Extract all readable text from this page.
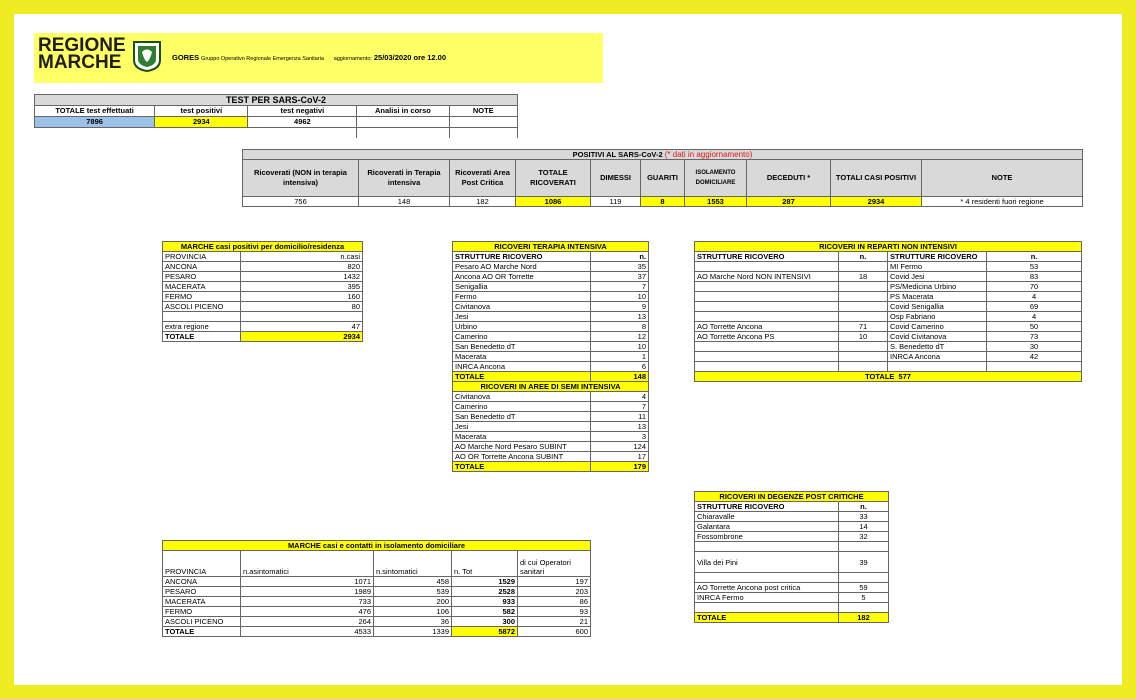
REGIONE
MARCHE	GORES Gruppo Operativo Regionale Emergenza Sanitaria aggiornamento: 25/03/2020 ore 12.00
TEST PER SARS-CoV-2				
TOTALE test effettuati	test positivi	test negativi	Analisi in corso	NOTE
7896	2934	4962		

POSITIVI AL SARS-CoV-2 (* dati in aggiornamento)									
Ricoverati (NON in terapia intensiva)	Ricoverati in Terapia intensiva	Ricoverati Area Post Critica	TOTALE RICOVERATI	DIMESSI	GUARITI	ISOLAMENTO DOMICILIARE	DECEDUTI *	TOTALI CASI POSITIVI	NOTE
756	148	182	1086	119	8	1553	287	2934	* 4 residenti fuori regione
MARCHE casi positivi per domicilio/residenza	
PROVINCIA	n.casi
ANCONA	820
PESARO	1432
MACERATA	395
FERMO	160
ASCOLI PICENO	80

extra regione	47
TOTALE	2934
RICOVERI TERAPIA INTENSIVA	
STRUTTURE RICOVERO	n.
Pesaro AO Marche Nord	35
Ancona AO OR Torrette	37
Senigallia	7
Fermo	10
Civitanova	9
Jesi	13
Urbino	8
Camerino	12
San Benedetto dT	10
Macerata	1
INRCA Ancona	6
TOTALE	148
RICOVERI IN AREE DI SEMI INTENSIVA	
Civitanova	4
Camerino	7
San Benedetto dT	11
Jesi	13
Macerata	3
AO Marche Nord Pesaro SUBINT	124
AO OR Torrette Ancona SUBINT	17
TOTALE	179
RICOVERI IN REPARTI NON INTENSIVI			
STRUTTURE RICOVERO	n.	STRUTTURE RICOVERO	n.
		MI Fermo	53
AO Marche Nord NON INTENSIVI	18	Covid Jesi	83
		PS/Medicina Urbino	70
		PS Macerata	4
		Covid Senigallia	69
		Osp Fabriano	4
AO Torrette Ancona	71	Covid Camerino	50
AO Torrette Ancona PS	10	Covid Civitanova	73
		S. Benedetto dT	30
		INRCA Ancona	42

TOTALE 577			
RICOVERI IN DEGENZE POST CRITICHE	
STRUTTURE RICOVERO	n.
Chiaravalle	33
Galantara	14
Fossombrone	32

Villa dei Pini	39

AO Torrette Ancona post critica	59
INRCA Fermo	5

TOTALE	182
MARCHE casi e contatti in isolamento domiciliare				
PROVINCIA	n.asintomatici	n.sintomatici	n. Tot	di cui Operatori sanitari
ANCONA	1071	458	1529	197
PESARO	1989	539	2528	203
MACERATA	733	200	933	86
FERMO	476	106	582	93
ASCOLI PICENO	264	36	300	21
TOTALE	4533	1339	5872	600
